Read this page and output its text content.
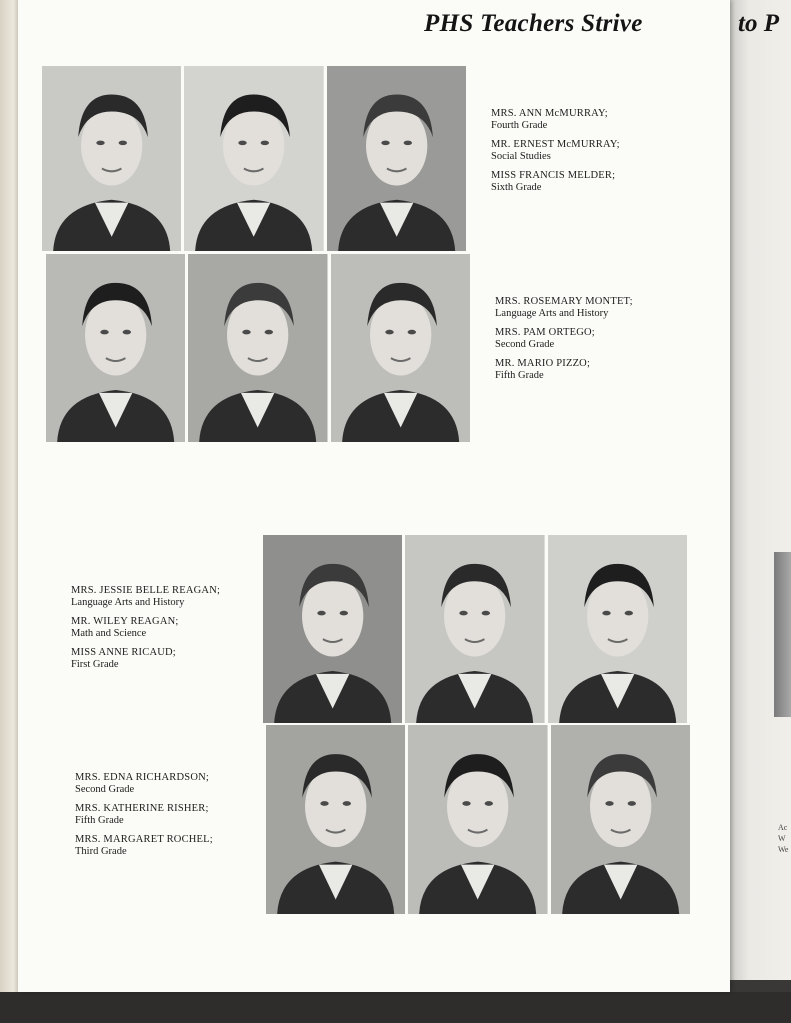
Ac W We
PHS Teachers Strive	to P
MRS. ANN McMURRAY;
Fourth Grade
MR. ERNEST McMURRAY;
Social Studies
MISS FRANCIS MELDER;
Sixth Grade
MRS. ROSEMARY MONTET;
Language Arts and History
MRS. PAM ORTEGO;
Second Grade
MR. MARIO PIZZO;
Fifth Grade
MRS. JESSIE BELLE REAGAN;
Language Arts and History
MR. WILEY REAGAN;
Math and Science
MISS ANNE RICAUD;
First Grade
MRS. EDNA RICHARDSON;
Second Grade
MRS. KATHERINE RISHER;
Fifth Grade
MRS. MARGARET ROCHEL;
Third Grade
